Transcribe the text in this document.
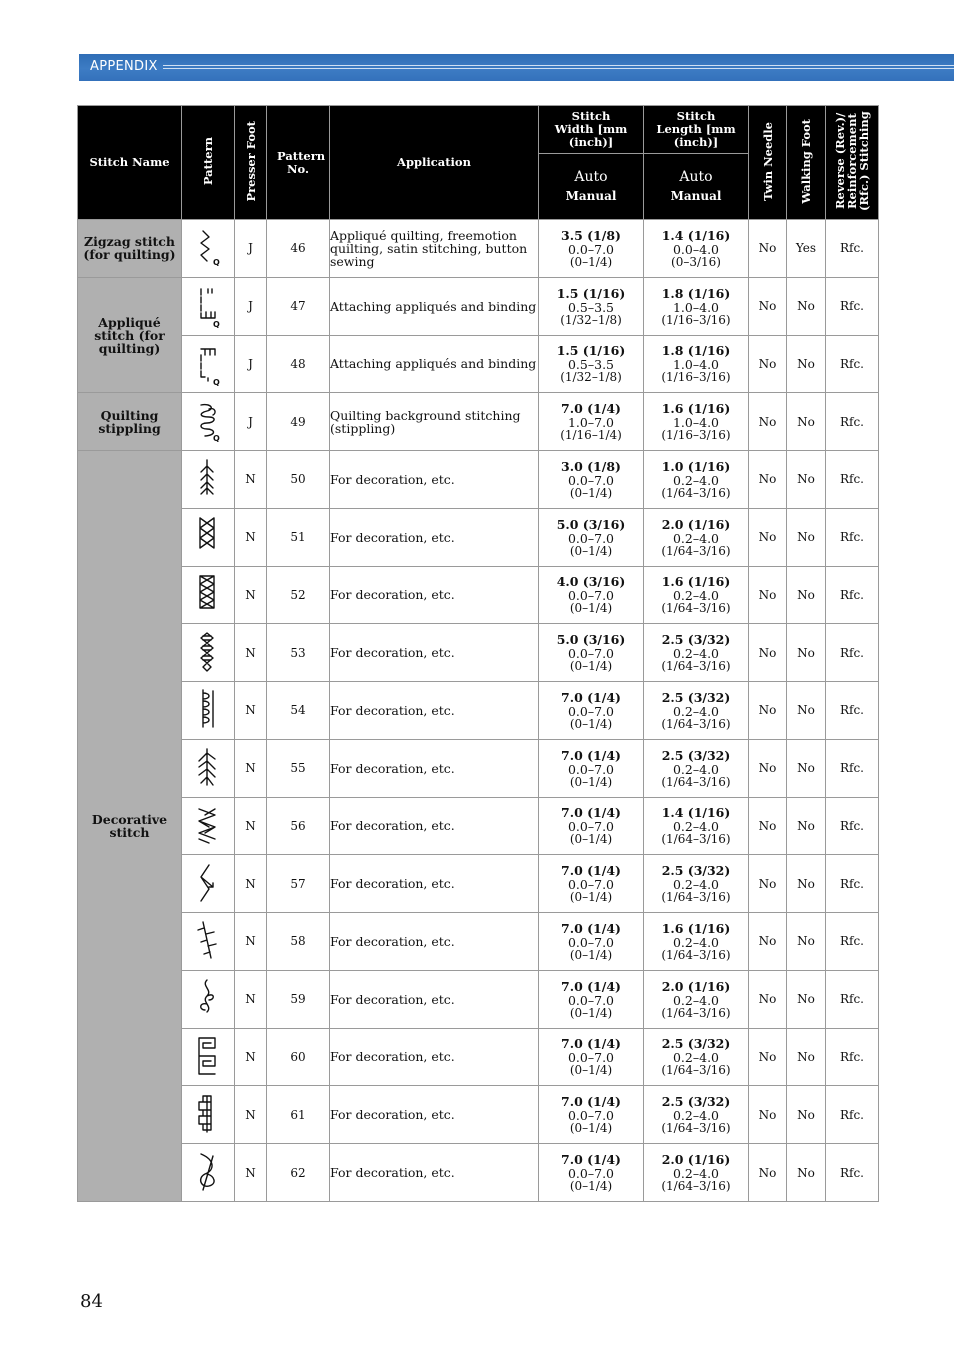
APPENDIX
Stitch Name	Pattern	Presser Foot	Pattern No.	Application	Stitch Width [mm (inch)]	Stitch Length [mm (inch)]	Twin Needle	Walking Foot	Reverse (Rev.)/ Reinforcement (Rfc.) Stitching

					Auto
Manual	Auto
Manual			

Zigzag stitch (for quilting)	Q	J	46	Appliqué quilting, freemotion quilting, satin stitching, button sewing	3.5 (1/8)
0.0–7.0
(0–1/4)	1.4 (1/16)
0.0–4.0
(0–3/16)	No	Yes	Rfc.
Appliqué stitch (for quilting)	Q	J	47	Attaching appliqués and binding	1.5 (1/16)
0.5–3.5
(1/32–1/8)	1.8 (1/16)
1.0–4.0
(1/16–3/16)	No	No	Rfc.

Q	J	48	Attaching appliqués and binding	1.5 (1/16)
0.5–3.5
(1/32–1/8)	1.8 (1/16)
1.0–4.0
(1/16–3/16)	No	No	Rfc.
Quilting stippling	Q	J	49	Quilting background stitching (stippling)	7.0 (1/4)
1.0–7.0
(1/16–1/4)	1.6 (1/16)
1.0–4.0
(1/16–3/16)	No	No	Rfc.
Decorative stitch		N	50	For decoration, etc.	3.0 (1/8)
0.0–7.0
(0–1/4)	1.0 (1/16)
0.2–4.0
(1/64–3/16)	No	No	Rfc.

	N	51	For decoration, etc.	5.0 (3/16)
0.0–7.0
(0–1/4)	2.0 (1/16)
0.2–4.0
(1/64–3/16)	No	No	Rfc.

	N	52	For decoration, etc.	4.0 (3/16)
0.0–7.0
(0–1/4)	1.6 (1/16)
0.2–4.0
(1/64–3/16)	No	No	Rfc.

	N	53	For decoration, etc.	5.0 (3/16)
0.0–7.0
(0–1/4)	2.5 (3/32)
0.2–4.0
(1/64–3/16)	No	No	Rfc.

	N	54	For decoration, etc.	7.0 (1/4)
0.0–7.0
(0–1/4)	2.5 (3/32)
0.2–4.0
(1/64–3/16)	No	No	Rfc.

	N	55	For decoration, etc.	7.0 (1/4)
0.0–7.0
(0–1/4)	2.5 (3/32)
0.2–4.0
(1/64–3/16)	No	No	Rfc.

	N	56	For decoration, etc.	7.0 (1/4)
0.0–7.0
(0–1/4)	1.4 (1/16)
0.2–4.0
(1/64–3/16)	No	No	Rfc.

	N	57	For decoration, etc.	7.0 (1/4)
0.0–7.0
(0–1/4)	2.5 (3/32)
0.2–4.0
(1/64–3/16)	No	No	Rfc.

	N	58	For decoration, etc.	7.0 (1/4)
0.0–7.0
(0–1/4)	1.6 (1/16)
0.2–4.0
(1/64–3/16)	No	No	Rfc.

	N	59	For decoration, etc.	7.0 (1/4)
0.0–7.0
(0–1/4)	2.0 (1/16)
0.2–4.0
(1/64–3/16)	No	No	Rfc.

	N	60	For decoration, etc.	7.0 (1/4)
0.0–7.0
(0–1/4)	2.5 (3/32)
0.2–4.0
(1/64–3/16)	No	No	Rfc.

	N	61	For decoration, etc.	7.0 (1/4)
0.0–7.0
(0–1/4)	2.5 (3/32)
0.2–4.0
(1/64–3/16)	No	No	Rfc.

	N	62	For decoration, etc.	7.0 (1/4)
0.0–7.0
(0–1/4)	2.0 (1/16)
0.2–4.0
(1/64–3/16)	No	No	Rfc.
84
